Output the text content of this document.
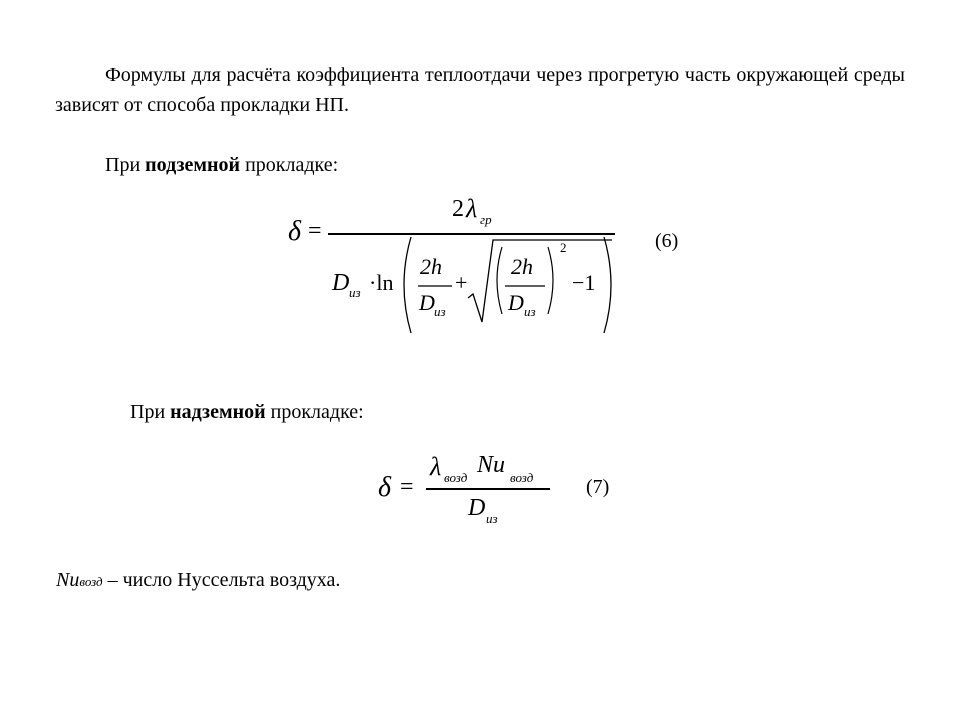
Формулы для расчёта коэффициента теплоотдачи через прогретую часть окружающей среды зависят от способа прокладки НП.
При подземной прокладке:
δ =
2 λ гр
D из ·ln
2h
D из
+
2h
D из
2
−1
(6)
При надземной прокладке:
δ =
λ возд Nu возд
D из
(7)
Nuвозд – число Нуссельта воздуха.
